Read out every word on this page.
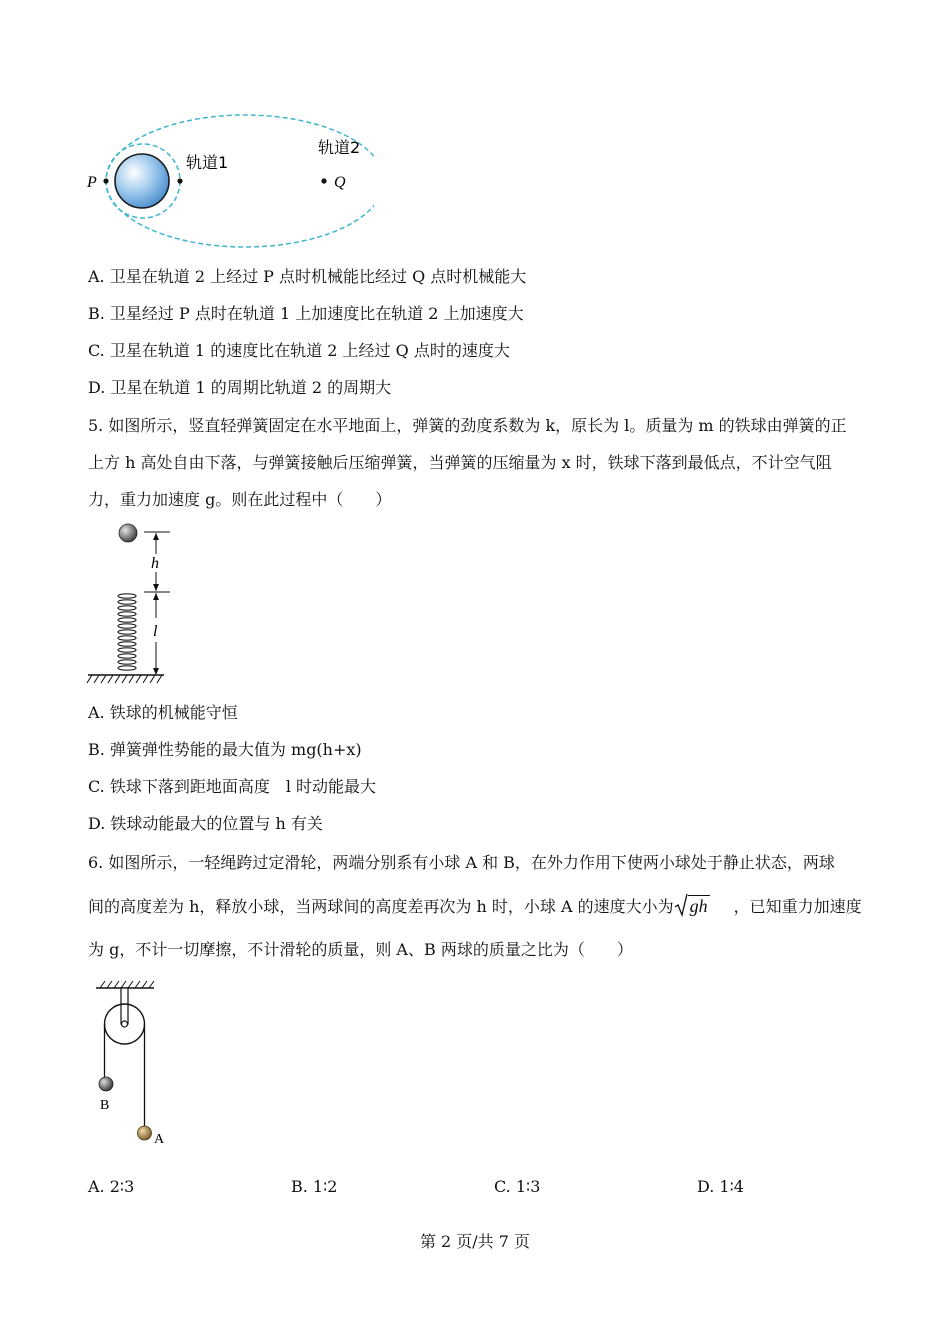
P
轨道1
轨道2
Q
A. 卫星在轨道 2 上经过 P 点时机械能比经过 Q 点时机械能大
B. 卫星经过 P 点时在轨道 1 上加速度比在轨道 2 上加速度大
C. 卫星在轨道 1 的速度比在轨道 2 上经过 Q 点时的速度大
D. 卫星在轨道 1 的周期比轨道 2 的周期大
5. 如图所示，竖直轻弹簧固定在水平地面上，弹簧的劲度系数为 k，原长为 l。质量为 m 的铁球由弹簧的正
上方 h 高处自由下落，与弹簧接触后压缩弹簧，当弹簧的压缩量为 x 时，铁球下落到最低点，不计空气阻
力，重力加速度 g。则在此过程中（　　）
h
l
A. 铁球的机械能守恒
B. 弹簧弹性势能的最大值为 mg(h+x)
C. 铁球下落到距地面高度　l 时动能最大
D. 铁球动能最大的位置与 h 有关
6. 如图所示，一轻绳跨过定滑轮，两端分别系有小球 A 和 B，在外力作用下使两小球处于静止状态，两球
间的高度差为 h，释放小球，当两球间的高度差再次为 h 时，小球 A 的速度大小为 gh ，已知重力加速度
为 g，不计一切摩擦，不计滑轮的质量，则 A、B 两球的质量之比为（　　）
B
A
A. 2∶3	B. 1∶2	C. 1∶3	D. 1∶4
第 2 页/共 7 页
